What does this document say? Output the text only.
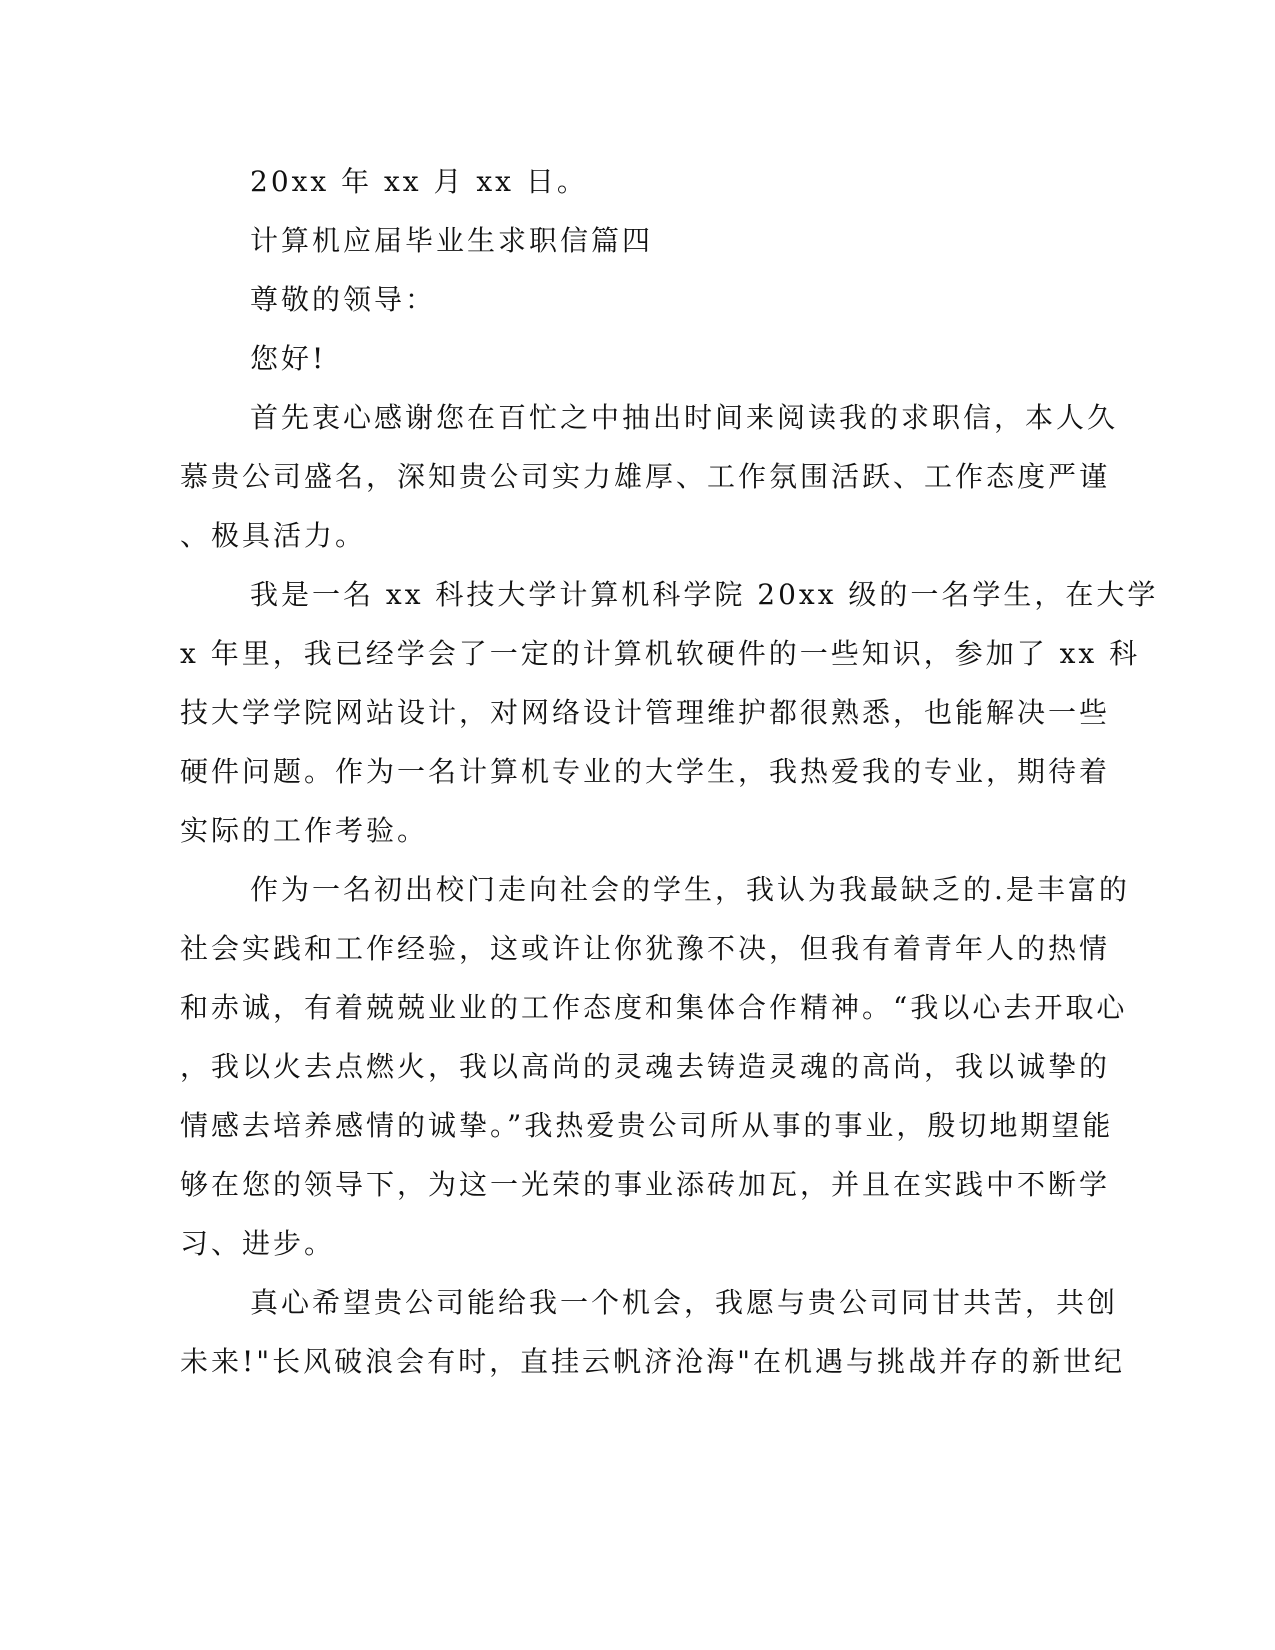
20xx 年 xx 月 xx 日。
计算机应届毕业生求职信篇四
尊敬的领导：
您好!
首先衷心感谢您在百忙之中抽出时间来阅读我的求职信，本人久
慕贵公司盛名，深知贵公司实力雄厚、工作氛围活跃、工作态度严谨
、极具活力。
我是一名 xx 科技大学计算机科学院 20xx 级的一名学生，在大学
x 年里，我已经学会了一定的计算机软硬件的一些知识，参加了 xx 科
技大学学院网站设计，对网络设计管理维护都很熟悉，也能解决一些
硬件问题。作为一名计算机专业的大学生，我热爱我的专业，期待着
实际的工作考验。
作为一名初出校门走向社会的学生，我认为我最缺乏的.是丰富的
社会实践和工作经验，这或许让你犹豫不决，但我有着青年人的热情
和赤诚，有着兢兢业业的工作态度和集体合作精神。“我以心去开取心
，我以火去点燃火，我以高尚的灵魂去铸造灵魂的高尚，我以诚挚的
情感去培养感情的诚挚。”我热爱贵公司所从事的事业，殷切地期望能
够在您的领导下，为这一光荣的事业添砖加瓦，并且在实践中不断学
习、进步。
真心希望贵公司能给我一个机会，我愿与贵公司同甘共苦，共创
未来!"长风破浪会有时，直挂云帆济沧海"在机遇与挑战并存的新世纪
